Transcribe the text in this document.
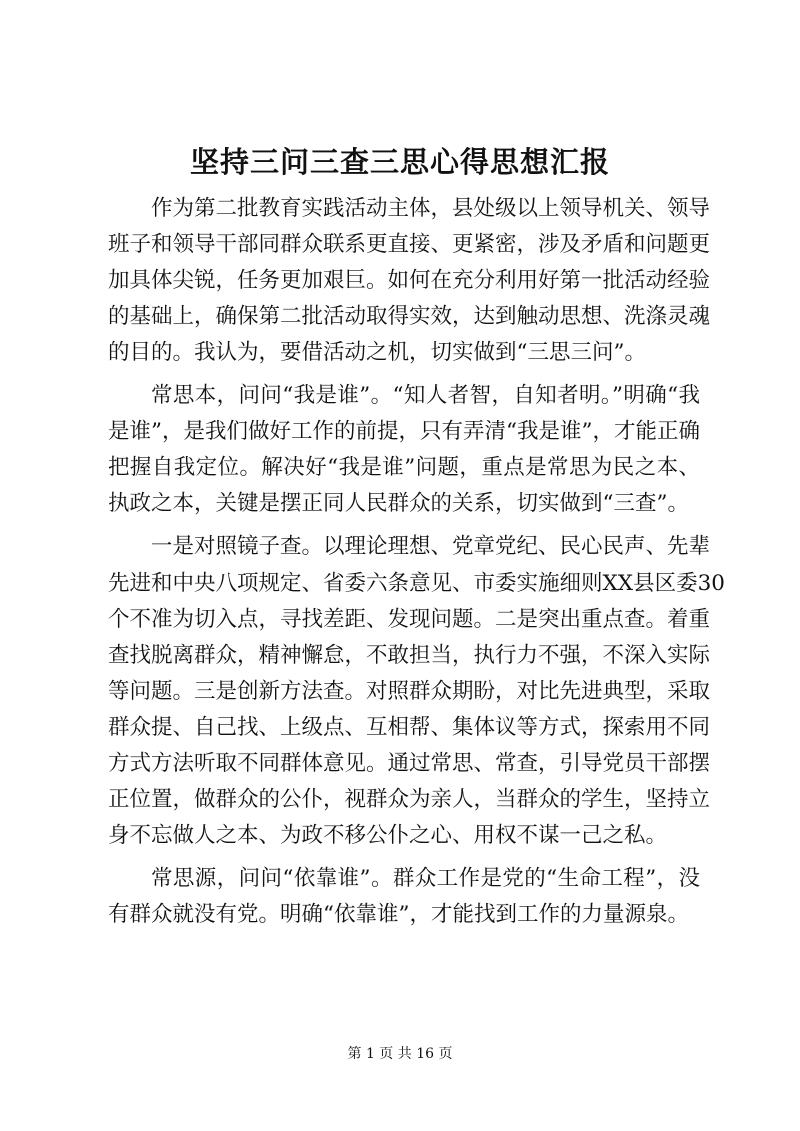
坚持三问三查三思心得思想汇报
作为第二批教育实践活动主体，县处级以上领导机关、领导
班子和领导干部同群众联系更直接、更紧密，涉及矛盾和问题更
加具体尖锐，任务更加艰巨。如何在充分利用好第一批活动经验
的基础上，确保第二批活动取得实效，达到触动思想、洗涤灵魂
的目的。我认为，要借活动之机，切实做到“三思三问”。
常思本，问问“我是谁”。“知人者智，自知者明。”明确“我
是谁”，是我们做好工作的前提，只有弄清“我是谁”，才能正确
把握自我定位。解决好“我是谁”问题，重点是常思为民之本、
执政之本，关键是摆正同人民群众的关系，切实做到“三查”。
一是对照镜子查。以理论理想、党章党纪、民心民声、先辈
先进和中央八项规定、省委六条意见、市委实施细则XX县区委30
个不准为切入点，寻找差距、发现问题。二是突出重点查。着重
查找脱离群众，精神懈怠，不敢担当，执行力不强，不深入实际
等问题。三是创新方法查。对照群众期盼，对比先进典型，采取
群众提、自己找、上级点、互相帮、集体议等方式，探索用不同
方式方法听取不同群体意见。通过常思、常查，引导党员干部摆
正位置，做群众的公仆，视群众为亲人，当群众的学生，坚持立
身不忘做人之本、为政不移公仆之心、用权不谋一己之私。
常思源，问问“依靠谁”。群众工作是党的“生命工程”，没
有群众就没有党。明确“依靠谁”，才能找到工作的力量源泉。
第 1 页 共 16 页
